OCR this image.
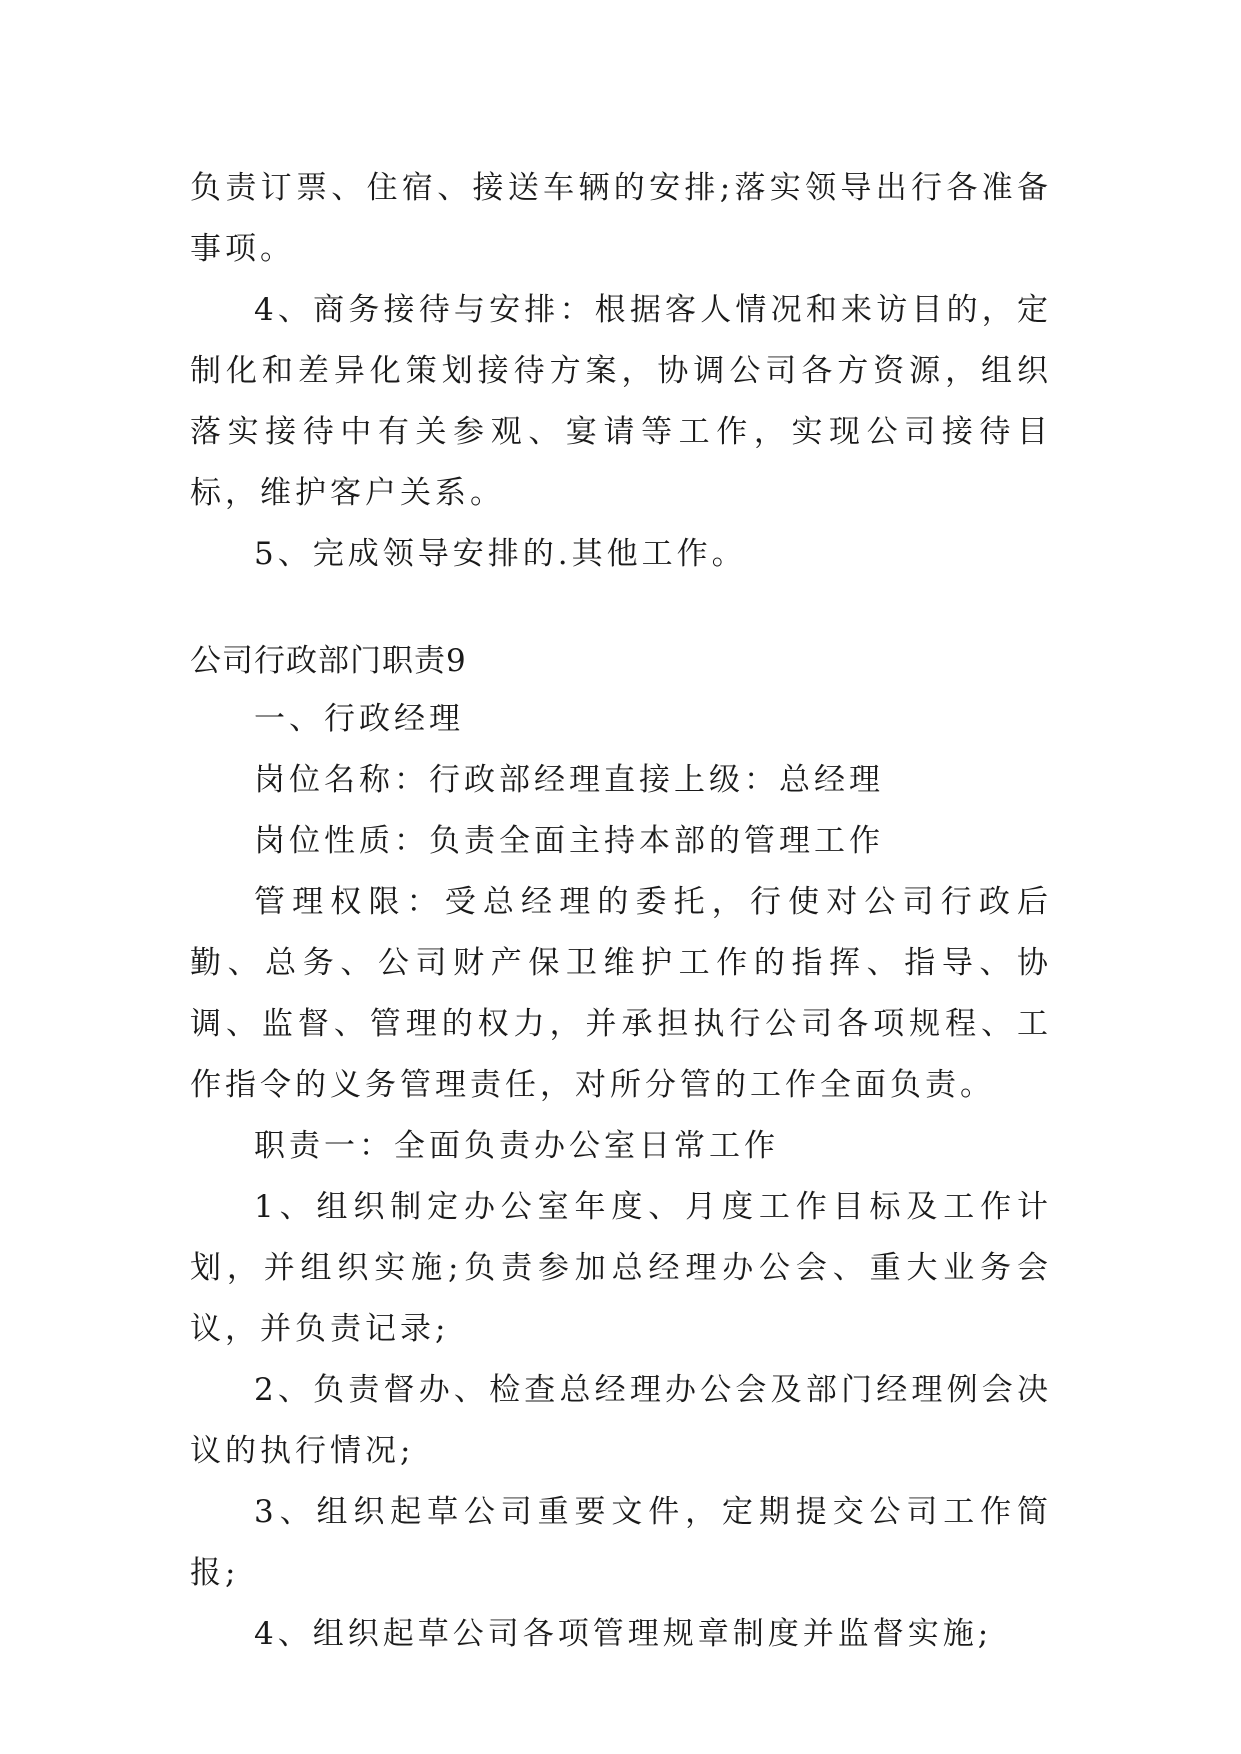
负责订票、住宿、接送车辆的安排;落实领导出行各准备事项。

4、商务接待与安排：根据客人情况和来访目的，定制化和差异化策划接待方案，协调公司各方资源，组织落实接待中有关参观、宴请等工作，实现公司接待目标，维护客户关系。

5、完成领导安排的.其他工作。

公司行政部门职责9

一、行政经理

岗位名称：行政部经理直接上级：总经理

岗位性质：负责全面主持本部的管理工作

管理权限：受总经理的委托，行使对公司行政后勤、总务、公司财产保卫维护工作的指挥、指导、协调、监督、管理的权力，并承担执行公司各项规程、工作指令的义务管理责任，对所分管的工作全面负责。

职责一：全面负责办公室日常工作

1、组织制定办公室年度、月度工作目标及工作计划，并组织实施;负责参加总经理办公会、重大业务会议，并负责记录;

2、负责督办、检查总经理办公会及部门经理例会决议的执行情况;

3、组织起草公司重要文件，定期提交公司工作简报;

4、组织起草公司各项管理规章制度并监督实施;
